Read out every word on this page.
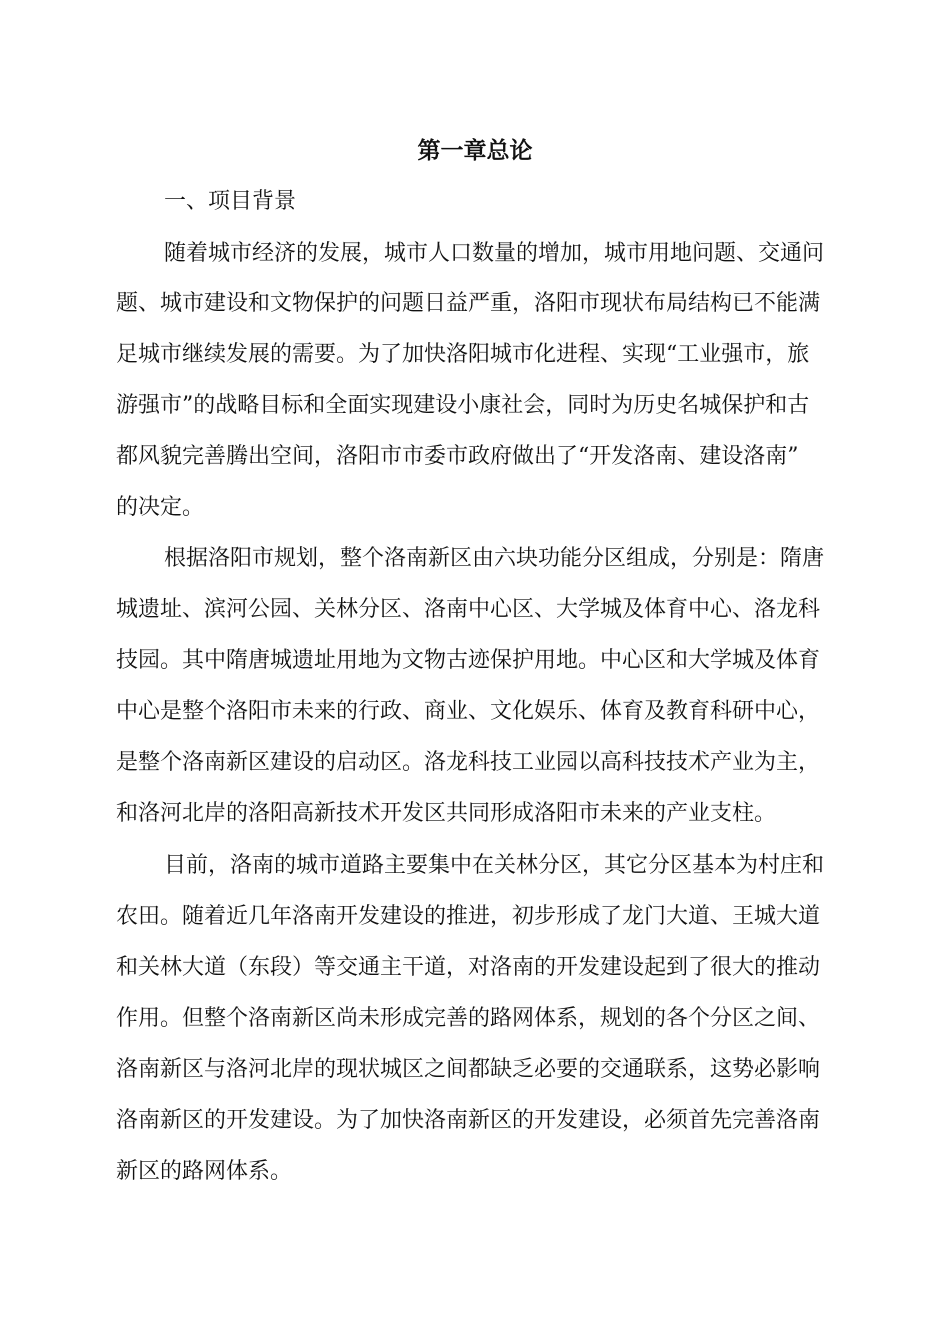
第一章总论
一、项目背景
随着城市经济的发展，城市人口数量的增加，城市用地问题、交通问
题、城市建设和文物保护的问题日益严重，洛阳市现状布局结构已不能满
足城市继续发展的需要。为了加快洛阳城市化进程、实现“工业强市，旅
游强市”的战略目标和全面实现建设小康社会，同时为历史名城保护和古
都风貌完善腾出空间，洛阳市市委市政府做出了“开发洛南、建设洛南”
的决定。
根据洛阳市规划，整个洛南新区由六块功能分区组成，分别是：隋唐
城遗址、滨河公园、关林分区、洛南中心区、大学城及体育中心、洛龙科
技园。其中隋唐城遗址用地为文物古迹保护用地。中心区和大学城及体育
中心是整个洛阳市未来的行政、商业、文化娱乐、体育及教育科研中心，
是整个洛南新区建设的启动区。洛龙科技工业园以高科技技术产业为主，
和洛河北岸的洛阳高新技术开发区共同形成洛阳市未来的产业支柱。
目前，洛南的城市道路主要集中在关林分区，其它分区基本为村庄和
农田。随着近几年洛南开发建设的推进，初步形成了龙门大道、王城大道
和关林大道（东段）等交通主干道，对洛南的开发建设起到了很大的推动
作用。但整个洛南新区尚未形成完善的路网体系，规划的各个分区之间、
洛南新区与洛河北岸的现状城区之间都缺乏必要的交通联系，这势必影响
洛南新区的开发建设。为了加快洛南新区的开发建设，必须首先完善洛南
新区的路网体系。
